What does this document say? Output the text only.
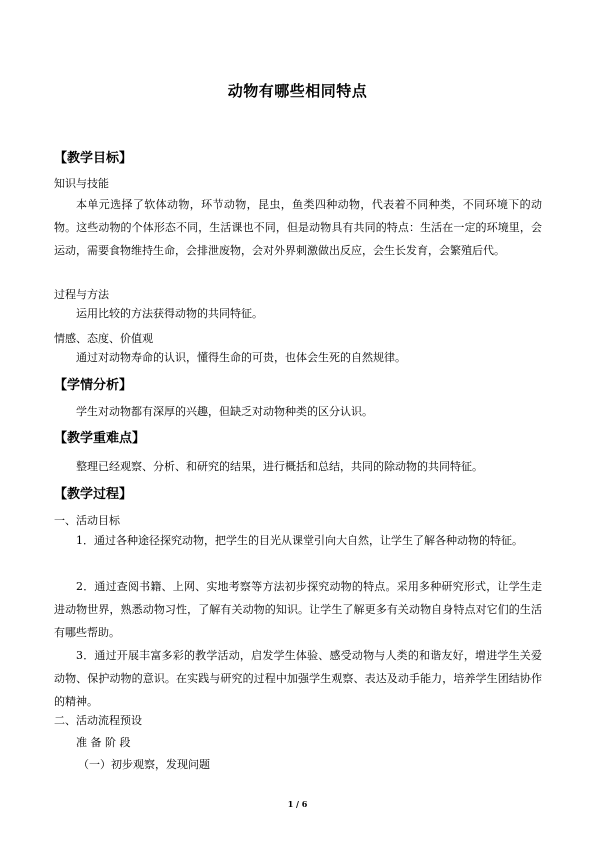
动物有哪些相同特点
【教学目标】
知识与技能
本单元选择了软体动物，环节动物，昆虫，鱼类四种动物，代表着不同种类，不同环境下的动物。这些动物的个体形态不同，生活课也不同，但是动物具有共同的特点：生活在一定的环境里，会运动，需要食物维持生命，会排泄废物，会对外界刺激做出反应，会生长发育，会繁殖后代。
过程与方法
运用比较的方法获得动物的共同特征。
情感、态度、价值观
通过对动物寿命的认识，懂得生命的可贵，也体会生死的自然规律。
【学情分析】
学生对动物都有深厚的兴趣，但缺乏对动物种类的区分认识。
【教学重难点】
整理已经观察、分析、和研究的结果，进行概括和总结，共同的除动物的共同特征。
【教学过程】
一、活动目标
1．通过各种途径探究动物，把学生的目光从课堂引向大自然，让学生了解各种动物的特征。
2．通过查阅书籍、上网、实地考察等方法初步探究动物的特点。采用多种研究形式，让学生走进动物世界，熟悉动物习性，了解有关动物的知识。让学生了解更多有关动物自身特点对它们的生活有哪些帮助。
3．通过开展丰富多彩的教学活动，启发学生体验、感受动物与人类的和谐友好，增进学生关爱动物、保护动物的意识。在实践与研究的过程中加强学生观察、表达及动手能力，培养学生团结协作的精神。
二、活动流程预设
准 备 阶 段
（一）初步观察，发现问题
1 / 6
